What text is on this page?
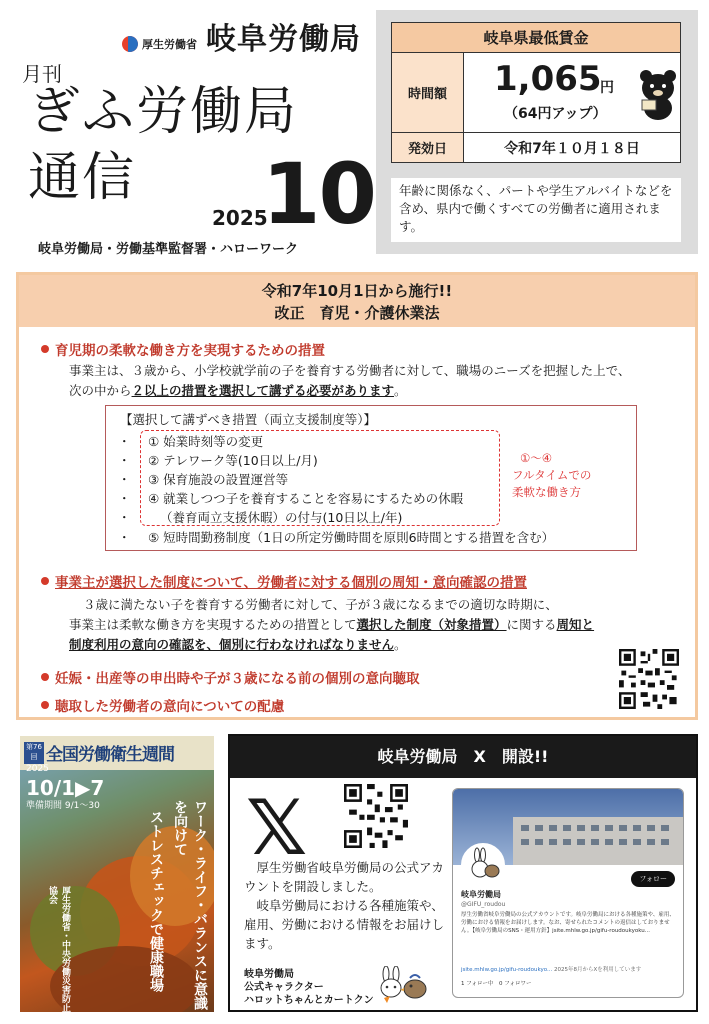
厚生労働省 岐阜労働局
月刊
ぎふ労働局
通信 10
2025
岐阜労働局・労働基準監督署・ハローワーク
岐阜県最低賃金	
時間額	1,065
円
（64円アップ）

発効日	令和7年１０月１８日
年齢に関係なく、パートや学生アルバイトなどを含め、県内で働くすべての労働者に適用されます。
令和7年10月1日から施行!!
改正　育児・介護休業法
育児期の柔軟な働き方を実現するための措置
事業主は、３歳から、小学校就学前の子を養育する労働者に対して、職場のニーズを把握した上で、
次の中から２以上の措置を選択して講ずる必要があります。
【選択して講ずべき措置（両立支援制度等）】
・ ① 始業時刻等の変更
・ ② テレワーク等(10日以上/月)
・ ③ 保育施設の設置運営等
・ ④ 就業しつつ子を養育することを容易にするための休暇
・ （養育両立支援休暇）の付与(10日以上/年)
・ ⑤ 短時間勤務制度（1日の所定労働時間を原則6時間とする措置を含む）
①～④
フルタイムでの
柔軟な働き方
事業主が選択した制度について、労働者に対する個別の周知・意向確認の措置
３歳に満たない子を養育する労働者に対して、子が３歳になるまでの適切な時期に、
事業主は柔軟な働き方を実現するための措置として選択した制度（対象措置）に関する周知と
制度利用の意向の確認を、個別に行わなければなりません。
妊娠・出産等の申出時や子が３歳になる前の個別の意向聴取
聴取した労働者の意向についての配慮
第76回 全国労働衛生週間
2025
10/1▶7
準備期間 9/1～30	ワーク・ライフ・バランスに意識を向けて
ストレスチェックで健康職場
厚生労働省・中央労働災害防止協会
岐阜労働局　X　開設!!
𝕏

厚生労働省岐阜労働局の公式アカウントを開設しました。

岐阜労働局における各種施策や、雇用、労働における情報をお届けします。

岐阜労働局
公式キャラクター
ハロットちゃんとカートクン
フォロー
岐阜労働局
@GIFU_roudou
厚生労働省岐阜労働局の公式アカウントです。岐阜労働局における各種施策や、雇用、労働における情報をお届けします。なお、寄せられたコメントの返信はしておりません。【岐阜労働局のSNS・運用方針】jsite.mhlw.go.jp/gifu-roudoukyoku...
jsite.mhlw.go.jp/gifu-roudoukyo... 2025年8月からXを利用しています
1 フォロー中　0 フォロワー
